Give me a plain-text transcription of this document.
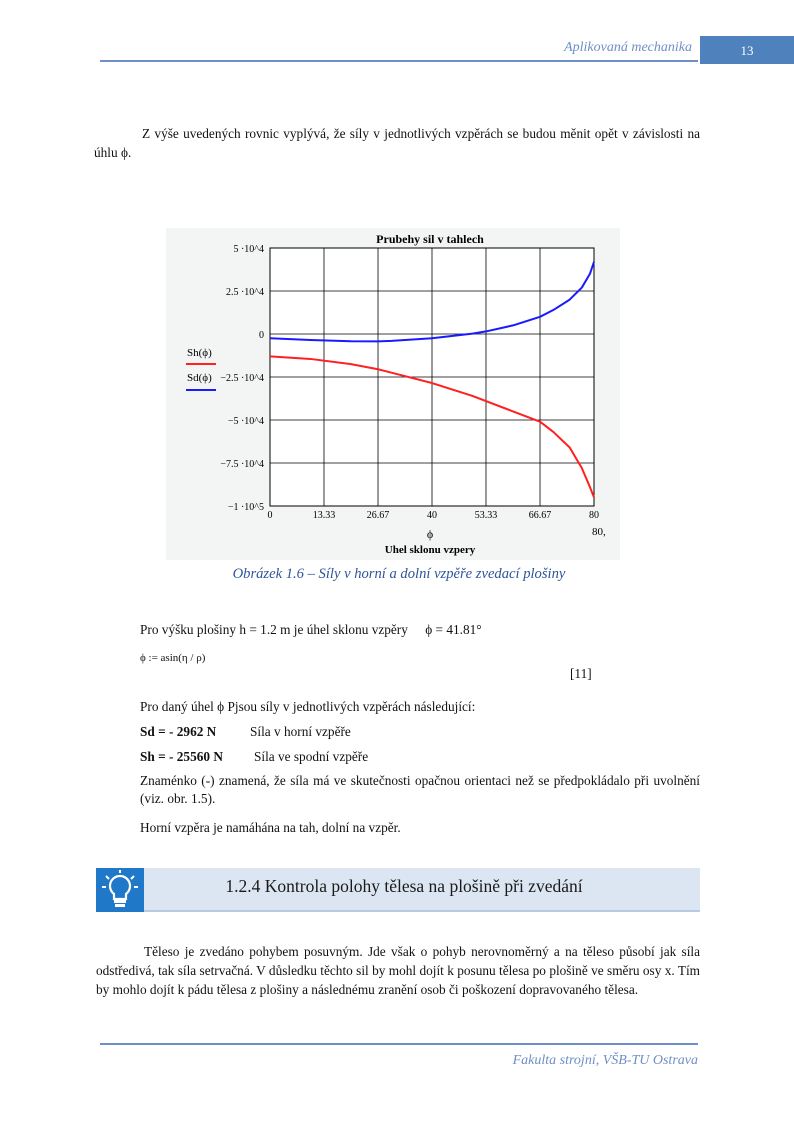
Aplikovaná mechanika	13

Z výše uvedených rovnic vyplývá, že síly v jednotlivých vzpěrách se budou měnit opět v závislosti na úhlu ϕ.

Prubehy sil v tahlech
0	13.33	26.67	40	53.33	66.67	80
5 ·10^4
2.5 ·10^4
0
−2.5 ·10^4
−5 ·10^4
−7.5 ·10^4
−1 ·10^5
ϕ
Uhel sklonu vzpery
80,
Sh(ϕ)
Sd(ϕ)
Obrázek 1.6 – Síly v horní a dolní vzpěře zvedací plošiny
Pro výšku plošiny h = 1.2 m je úhel sklonu vzpěry ϕ = 41.81°
ϕ := asin(η / ρ)
[11]
Pro daný úhel ϕ Pjsou síly v jednotlivých vzpěrách následující:
Sd = - 2962 N	Síla v horní vzpěře
Sh = - 25560 N Síla ve spodní vzpěře
Znaménko (-) znamená, že síla má ve skutečnosti opačnou orientaci než se předpokládalo při uvolnění (viz. obr. 1.5).
Horní vzpěra je namáhána na tah, dolní na vzpěr.
1.2.4 Kontrola polohy tělesa na plošině při zvedání

Těleso je zvedáno pohybem posuvným. Jde však o pohyb nerovnoměrný a na těleso působí jak síla odstředivá, tak síla setrvačná. V důsledku těchto sil by mohl dojít k posunu tělesa po plošině ve směru osy x. Tím by mohlo dojít k pádu tělesa z plošiny a následnému zranění osob či poškození dopravovaného tělesa.

Fakulta strojní, VŠB-TU Ostrava
